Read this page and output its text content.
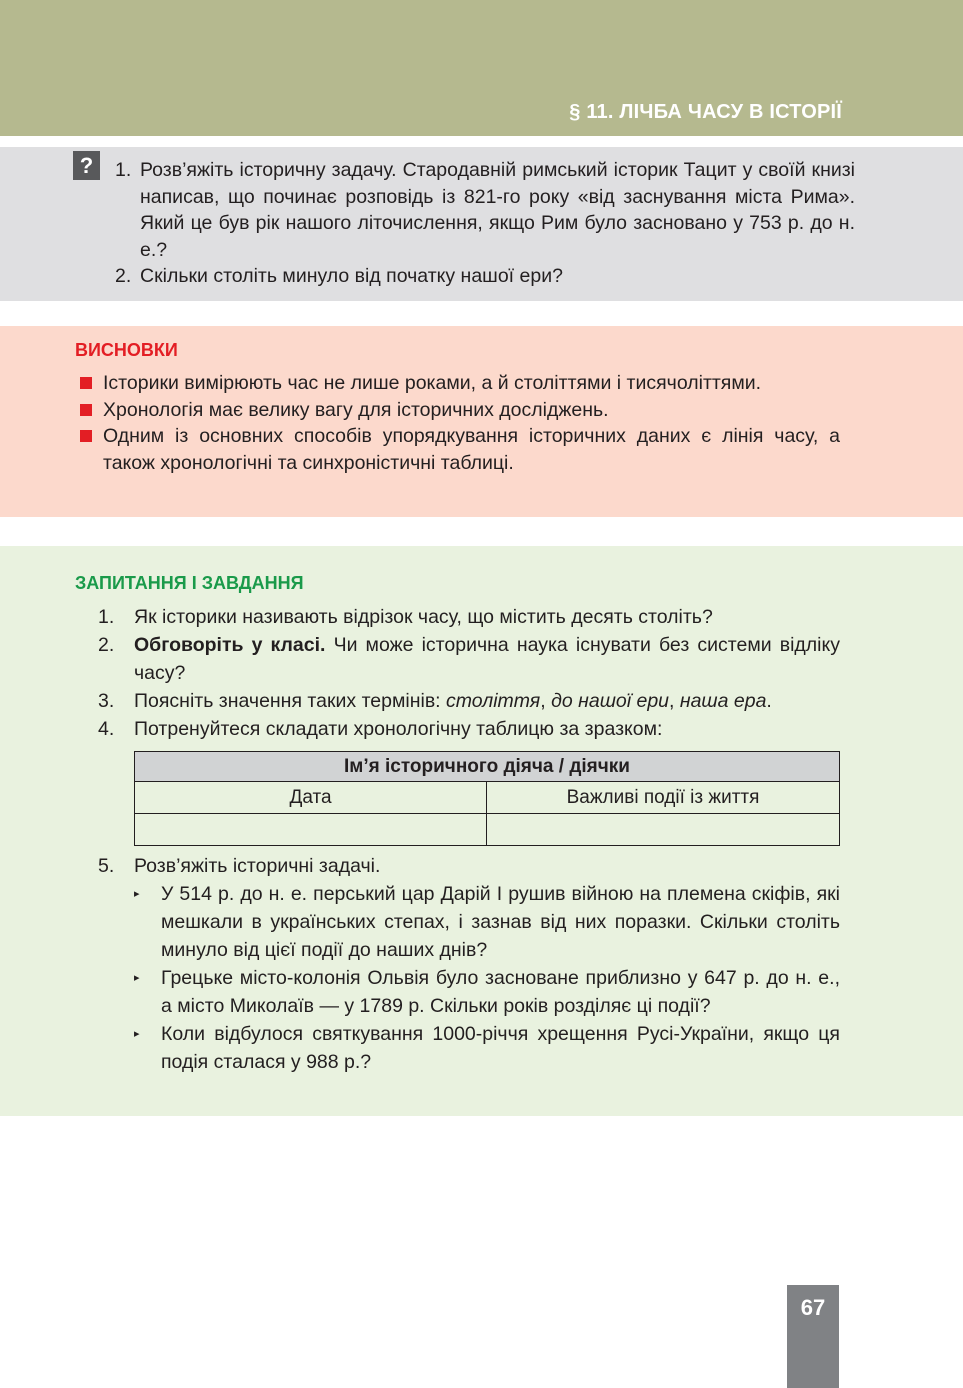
§ 11. ЛІЧБА ЧАСУ В ІСТОРІЇ
?	1. Розв’яжіть історичну задачу. Стародавній римський історик Тацит у своїй книзі написав, що починає розповідь із 821-го року «від заснування міста Рима». Який це був рік нашого літочислення, якщо Рим було засновано у 753 р. до н. е.?
2. Скільки століть минуло від початку нашої ери?
ВИСНОВКИ
Історики вимірюють час не лише роками, а й століттями і тисячоліттями.
Хронологія має велику вагу для історичних досліджень.
Одним із основних способів упорядкування історичних даних є лінія часу, а також хронологічні та синхроністичні таблиці.
ЗАПИТАННЯ І ЗАВДАННЯ
1.	Як історики називають відрізок часу, що містить десять століть?
2.	Обговоріть у класі. Чи може історична наука існувати без системи відліку часу?
3.	Поясніть значення таких термінів: століття, до нашої ери, наша ера.
4.	Потренуйтеся складати хронологічну таблицю за зразком:
Ім’я історичного діяча / діячки	
Дата	Важливі події із життя

5.	Розв’яжіть історичні задачі.
▸	У 514 р. до н. е. перський цар Дарій I рушив війною на племена скіфів, які мешкали в українських степах, і зазнав від них поразки. Скільки століть минуло від цієї події до наших днів?
▸	Грецьке місто-колонія Ольвія було засноване приблизно у 647 р. до н. е., а місто Миколаїв — у 1789 р. Скільки років розділяє ці події?
▸	Коли відбулося святкування 1000-річчя хрещення Русі-України, якщо ця подія сталася у 988 р.?
67
